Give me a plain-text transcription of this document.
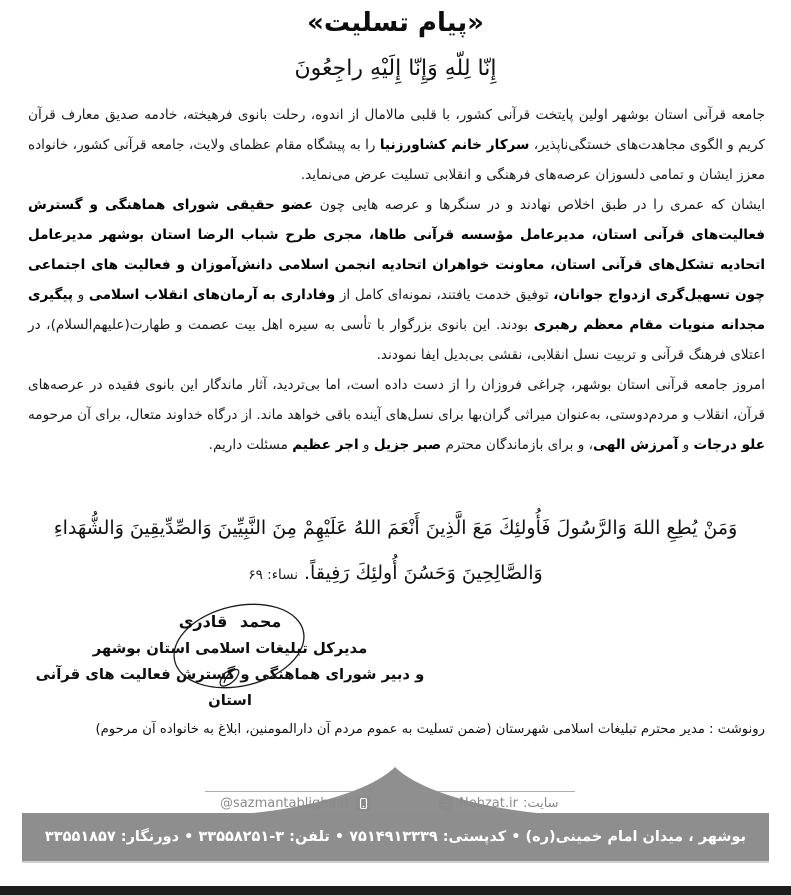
«پیام تسلیت»
إِنّا لِلّهِ وَإِنّا إِلَيْهِ راجِعُونَ

جامعه قرآنی استان بوشهر اولین پایتخت قرآنی کشور، با قلبی مالامال از اندوه، رحلت بانوی فرهیخته، خادمه صدیق معارف قرآن کریم و الگوی مجاهدت‌های خستگی‌ناپذیر، سرکار خانم کشاورزنیا را به پیشگاه مقام عظمای ولایت، جامعه قرآنی کشور، خانواده معزز ایشان و تمامی دلسوزان عرصه‌های فرهنگی و انقلابی تسلیت عرض می‌نماید.

ایشان که عمری را در طبق اخلاص نهادند و در سنگرها و عرصه هایی چون عضو حقیقی شورای هماهنگی و گسترش فعالیت‌های قرآنی استان، مدیرعامل مؤسسه قرآنی طاها، مجری طرح شباب الرضا استان بوشهر مدیرعامل اتحادیه تشکل‌های قرآنی استان، معاونت خواهران اتحادیه انجمن اسلامی دانش‌آموزان و فعالیت های اجتماعی چون تسهیل‌گری ازدواج جوانان، توفیق خدمت یافتند، نمونه‌ای کامل از وفاداری به آرمان‌های انقلاب اسلامی و پیگیری مجدانه منویات مقام معظم رهبری بودند. این بانوی بزرگوار با تأسی به سیره اهل بیت عصمت و طهارت(علیهم‌السلام)، در اعتلای فرهنگ قرآنی و تربیت نسل انقلابی، نقشی بی‌بدیل ایفا نمودند.

امروز جامعه قرآنی استان بوشهر، چراغی فروزان را از دست داده است، اما بی‌تردید، آثار ماندگار این بانوی فقیده در عرصه‌های قرآن، انقلاب و مردم‌دوستی، به‌عنوان میراثی گران‌بها برای نسل‌های آینده باقی خواهد ماند. از درگاه خداوند متعال، برای آن مرحومه علو درجات و آمرزش الهی، و برای بازماندگان محترم صبر جزیل و اجر عظیم مسئلت داریم.

وَمَنْ يُطِعِ اللهَ وَالرَّسُولَ فَأُولئِكَ مَعَ الَّذِينَ أَنْعَمَ اللهُ عَلَيْهِمْ مِنَ النَّبِيِّينَ وَالصِّدِّيقِينَ وَالشُّهَداءِ
وَالصَّالِحِينَ وَحَسُنَ أُولئِكَ رَفِيقاً. نساء: ۶۹
محمد قادری
مدیرکل تبلیغات اسلامی استان بوشهر
و دبیر شورای هماهنگی و گسترش فعالیت های قرآنی استان
رونوشت : مدیر محترم تبلیغات اسلامی شهرستان (ضمن تسلیت به عموم مردم آن دارالمومنین، ابلاغ به خانواده آن مرحوم)
@sazmantablighaat	سایت:
Nehzat.ir
بوشهر ، میدان امام خمینی(ره) • کدپستی: ۷۵۱۴۹۱۳۳۳۹ • تلفن: ۳-۳۳۵۵۸۲۵۱ • دورنگار: ۳۳۵۵۱۸۵۷
